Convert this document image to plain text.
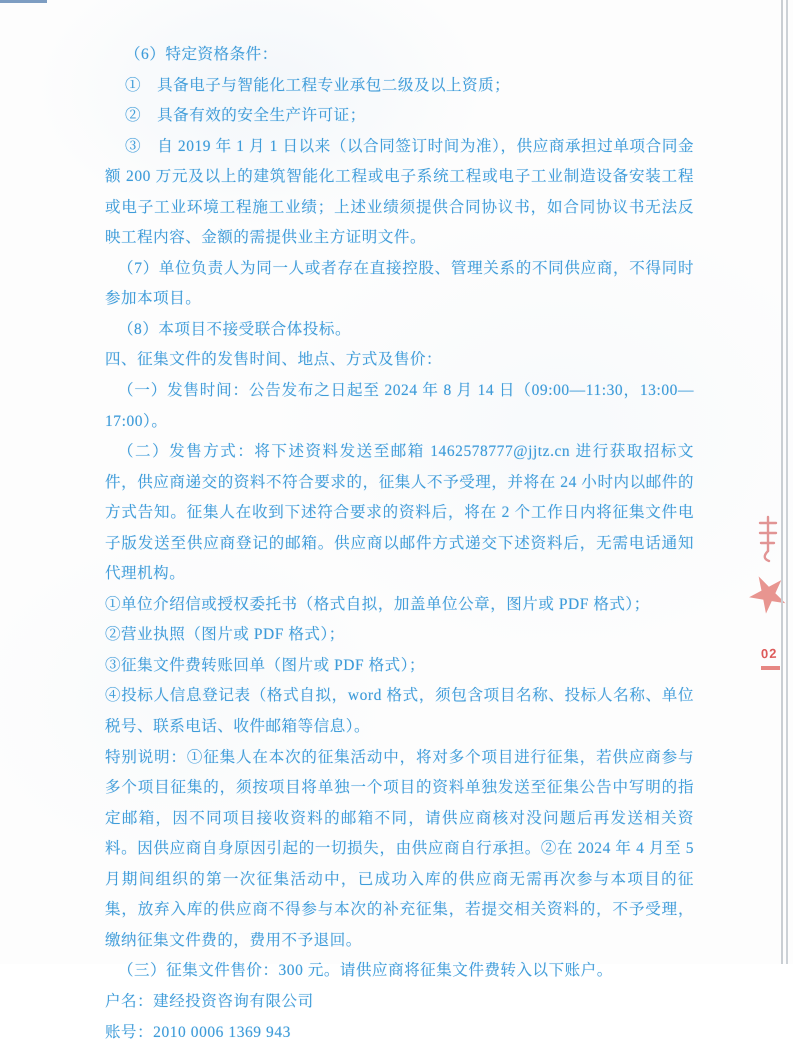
（6）特定资格条件：

①　具备电子与智能化工程专业承包二级及以上资质；

②　具备有效的安全生产许可证；

③　自 2019 年 1 月 1 日以来（以合同签订时间为准），供应商承担过单项合同金额 200 万元及以上的建筑智能化工程或电子系统工程或电子工业制造设备安装工程或电子工业环境工程施工业绩；上述业绩须提供合同协议书，如合同协议书无法反映工程内容、金额的需提供业主方证明文件。

（7）单位负责人为同一人或者存在直接控股、管理关系的不同供应商，不得同时参加本项目。

（8）本项目不接受联合体投标。

四、征集文件的发售时间、地点、方式及售价：

（一）发售时间：公告发布之日起至 2024 年 8 月 14 日（09:00—11:30，13:00—17:00）。

（二）发售方式：将下述资料发送至邮箱 1462578777@jjtz.cn 进行获取招标文件，供应商递交的资料不符合要求的，征集人不予受理，并将在 24 小时内以邮件的方式告知。征集人在收到下述符合要求的资料后，将在 2 个工作日内将征集文件电子版发送至供应商登记的邮箱。供应商以邮件方式递交下述资料后，无需电话通知代理机构。

①单位介绍信或授权委托书（格式自拟，加盖单位公章，图片或 PDF 格式）；

②营业执照（图片或 PDF 格式）；

③征集文件费转账回单（图片或 PDF 格式）；

④投标人信息登记表（格式自拟，word 格式，须包含项目名称、投标人名称、单位税号、联系电话、收件邮箱等信息）。

特别说明：①征集人在本次的征集活动中，将对多个项目进行征集，若供应商参与多个项目征集的，须按项目将单独一个项目的资料单独发送至征集公告中写明的指定邮箱，因不同项目接收资料的邮箱不同，请供应商核对没问题后再发送相关资料。因供应商自身原因引起的一切损失，由供应商自行承担。②在 2024 年 4 月至 5 月期间组织的第一次征集活动中，已成功入库的供应商无需再次参与本项目的征集，放弃入库的供应商不得参与本次的补充征集，若提交相关资料的，不予受理，缴纳征集文件费的，费用不予退回。

（三）征集文件售价：300 元。请供应商将征集文件费转入以下账户。

户名：建经投资咨询有限公司

账号：2010 0006 1369 943

02
